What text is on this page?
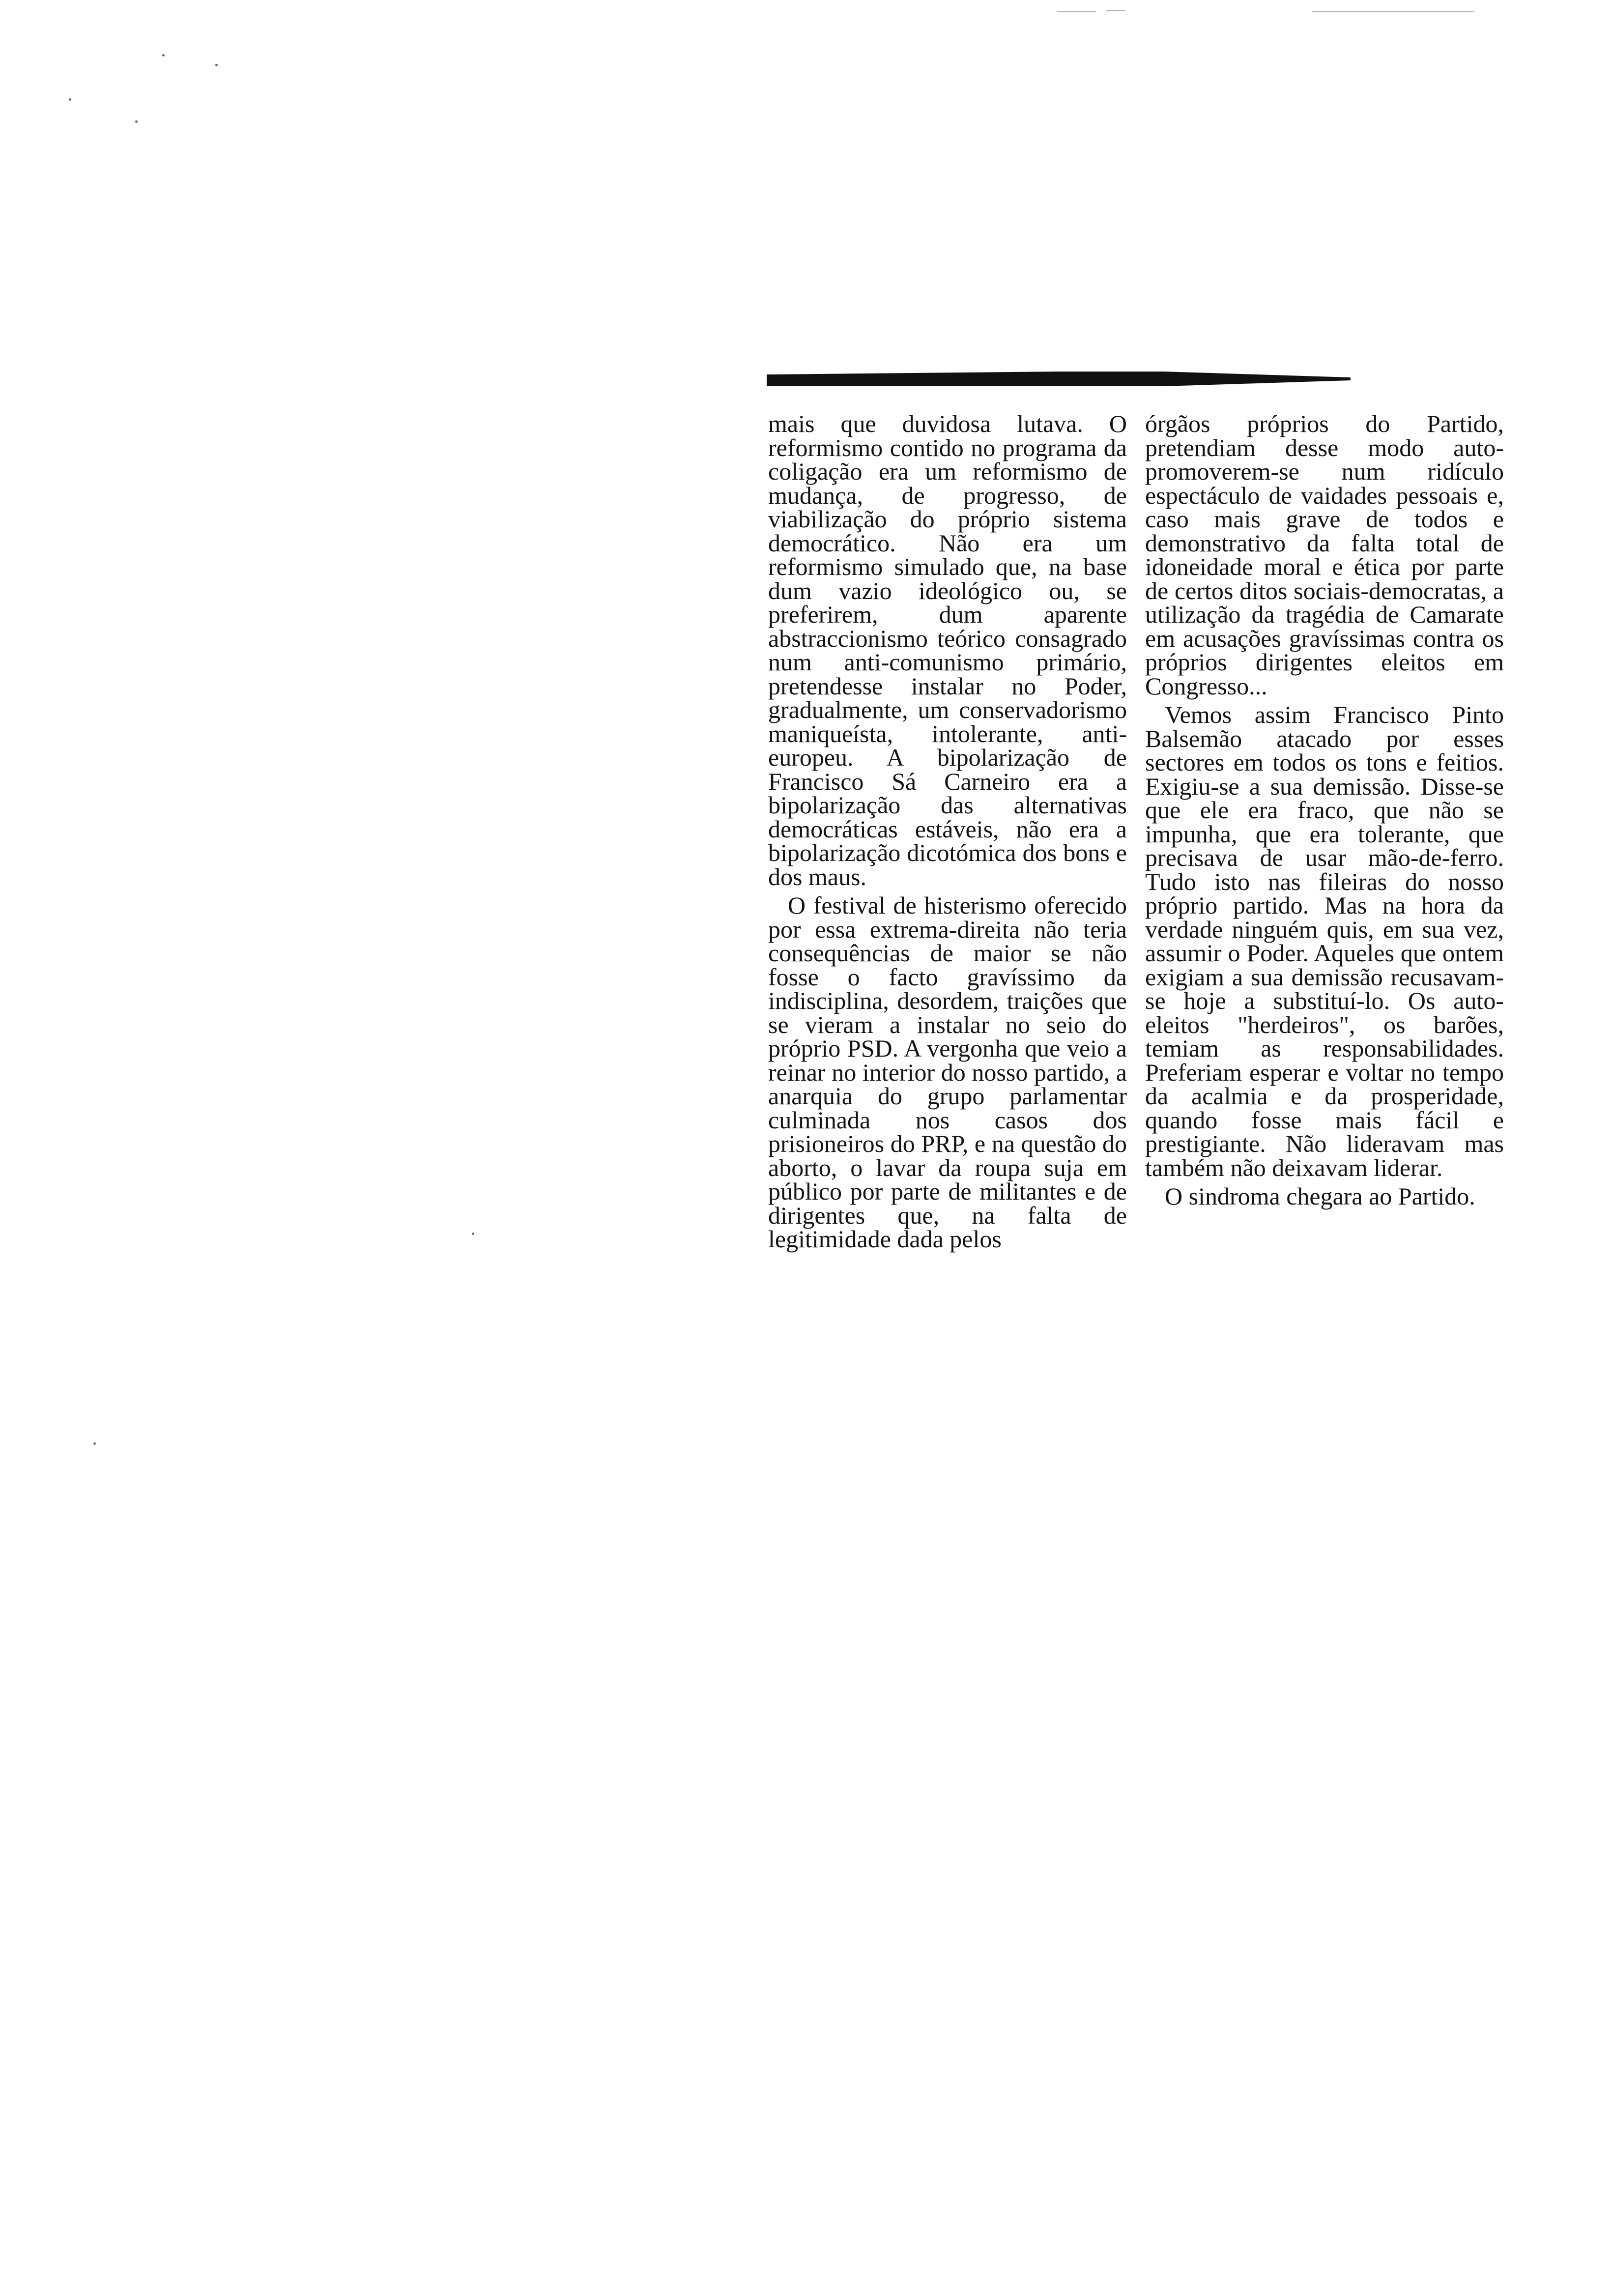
mais que duvidosa lutava. O reformismo contido no programa da coligação era um reformismo de mudança, de progresso, de viabilização do próprio sistema democrático. Não era um reformismo simulado que, na base dum vazio ideológico ou, se preferirem, dum aparente abstraccionismo teórico consagrado num anti-comunismo primário, pretendesse instalar no Poder, gradualmente, um conservadorismo maniqueísta, intolerante, anti-europeu. A bipolarização de Francisco Sá Carneiro era a bipolarização das alternativas democráticas estáveis, não era a bipolarização dicotómica dos bons e dos maus.

O festival de histerismo oferecido por essa extrema-direita não teria consequências de maior se não fosse o facto gravíssimo da indisciplina, desordem, traições que se vieram a instalar no seio do próprio PSD. A vergonha que veio a reinar no interior do nosso partido, a anarquia do grupo parlamentar culminada nos casos dos prisioneiros do PRP, e na questão do aborto, o lavar da roupa suja em público por parte de militantes e de dirigentes que, na falta de legitimidade dada pelos

órgãos próprios do Partido, pretendiam desse modo auto-promoverem-se num ridículo espectáculo de vaidades pessoais e, caso mais grave de todos e demonstrativo da falta total de idoneidade moral e ética por parte de certos ditos sociais-democratas, a utilização da tragédia de Camarate em acusações gravíssimas contra os próprios dirigentes eleitos em Congresso...

Vemos assim Francisco Pinto Balsemão atacado por esses sectores em todos os tons e feitios. Exigiu-se a sua demissão. Disse-se que ele era fraco, que não se impunha, que era tolerante, que precisava de usar mão-de-ferro. Tudo isto nas fileiras do nosso próprio partido. Mas na hora da verdade ninguém quis, em sua vez, assumir o Poder. Aqueles que ontem exigiam a sua demissão recusavam-se hoje a substituí-lo. Os auto-eleitos "herdeiros", os barões, temiam as responsabilidades. Preferiam esperar e voltar no tempo da acalmia e da prosperidade, quando fosse mais fácil e prestigiante. Não lideravam mas também não deixavam liderar.

O sindroma chegara ao Partido.
